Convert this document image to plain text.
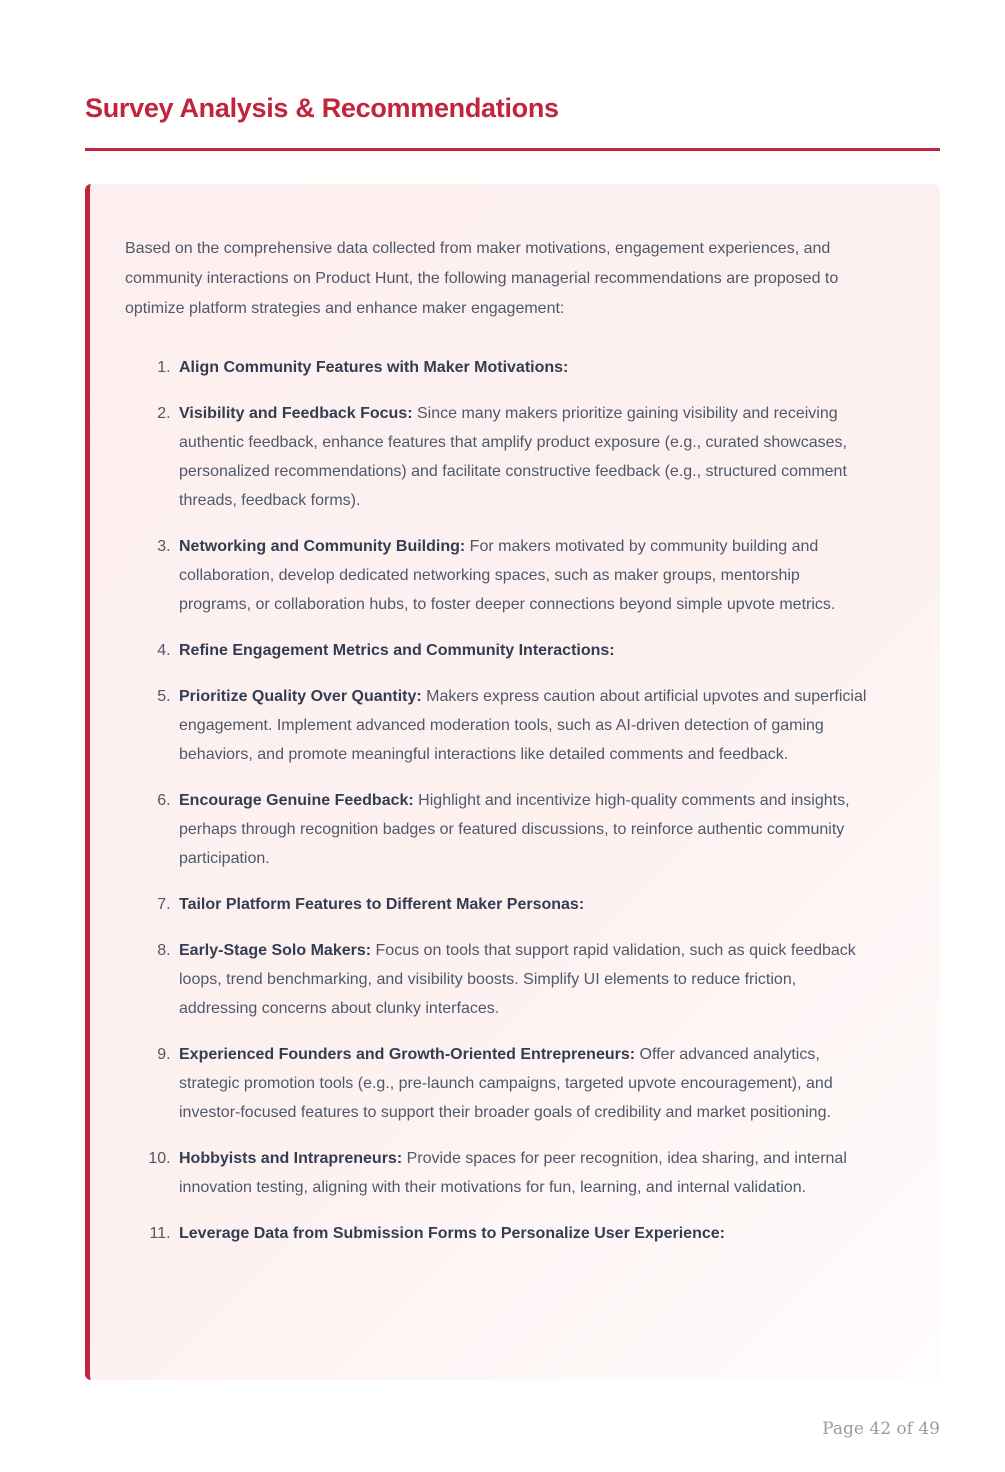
Survey Analysis & Recommendations

Based on the comprehensive data collected from maker motivations, engagement experiences, and community interactions on Product Hunt, the following managerial recommendations are proposed to optimize platform strategies and enhance maker engagement:

1. Align Community Features with Maker Motivations:
2. Visibility and Feedback Focus: Since many makers prioritize gaining visibility and receiving authentic feedback, enhance features that amplify product exposure (e.g., curated showcases, personalized recommendations) and facilitate constructive feedback (e.g., structured comment threads, feedback forms).
3. Networking and Community Building: For makers motivated by community building and collaboration, develop dedicated networking spaces, such as maker groups, mentorship programs, or collaboration hubs, to foster deeper connections beyond simple upvote metrics.
4. Refine Engagement Metrics and Community Interactions:
5. Prioritize Quality Over Quantity: Makers express caution about artificial upvotes and superficial engagement. Implement advanced moderation tools, such as AI-driven detection of gaming behaviors, and promote meaningful interactions like detailed comments and feedback.
6. Encourage Genuine Feedback: Highlight and incentivize high-quality comments and insights, perhaps through recognition badges or featured discussions, to reinforce authentic community participation.
7. Tailor Platform Features to Different Maker Personas:
8. Early-Stage Solo Makers: Focus on tools that support rapid validation, such as quick feedback loops, trend benchmarking, and visibility boosts. Simplify UI elements to reduce friction, addressing concerns about clunky interfaces.
9. Experienced Founders and Growth-Oriented Entrepreneurs: Offer advanced analytics, strategic promotion tools (e.g., pre-launch campaigns, targeted upvote encouragement), and investor-focused features to support their broader goals of credibility and market positioning.
10. Hobbyists and Intrapreneurs: Provide spaces for peer recognition, idea sharing, and internal innovation testing, aligning with their motivations for fun, learning, and internal validation.
11. Leverage Data from Submission Forms to Personalize User Experience:
Page 42 of 49
